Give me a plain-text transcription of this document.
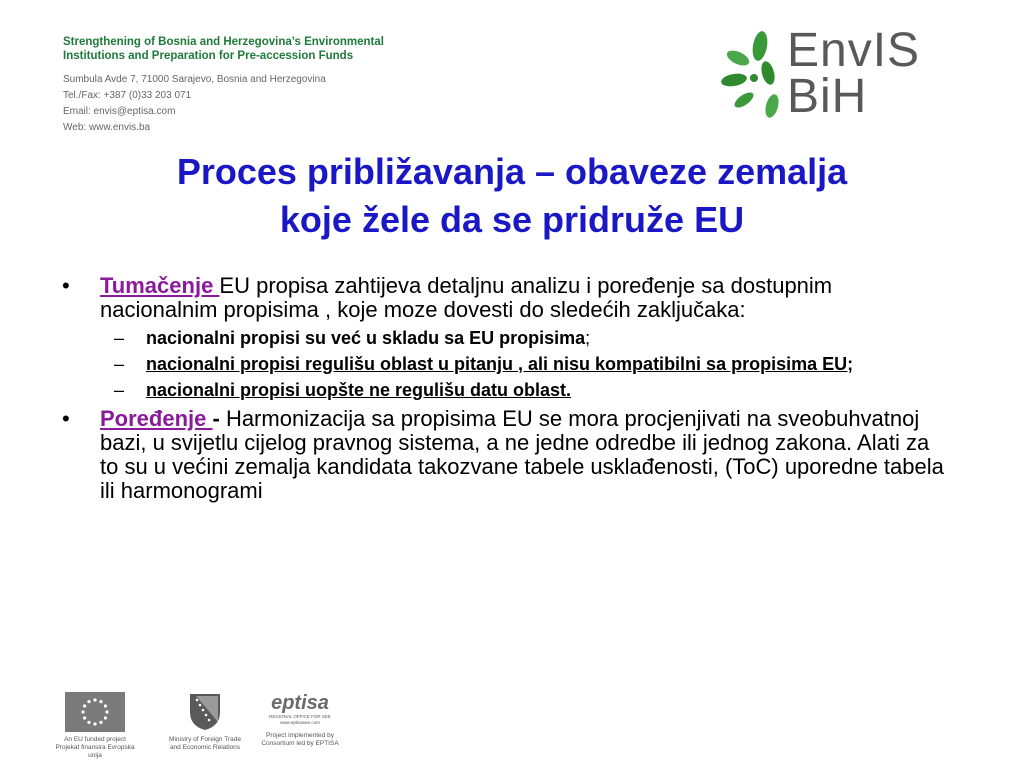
Strengthening of Bosnia and Herzegovina’s Environmental
Institutions and Preparation for Pre-accession Funds
Sumbula Avde 7, 71000 Sarajevo, Bosnia and Herzegovina
Tel./Fax: +387 (0)33 203 071
Email: envis@eptisa.com
Web: www.envis.ba
EnvIS
BiH
Proces približavanja – obaveze zemalja
koje žele da se pridruže EU
• Tumačenje EU propisa zahtijeva detaljnu analizu i poređenje sa dostupnim nacionalnim propisima , koje moze dovesti do sledećih zaključaka:
– nacionalni propisi su već u skladu sa EU propisima;
– nacionalni propisi regulišu oblast u pitanju , ali nisu kompatibilni sa propisima EU;
– nacionalni propisi uopšte ne regulišu datu oblast.
• Poređenje - Harmonizacija sa propisima EU se mora procjenjivati na sveobuhvatnoj bazi, u svijetlu cijelog pravnog sistema, a ne jedne odredbe ili jednog zakona. Alati za to su u većini zemalja kandidata takozvane tabele usklađenosti, (ToC) uporedne tabela ili harmonogrami
An EU funded project
Projekat finansira Evropska unija
Ministry of Foreign Trade
and Economic Relations
eptisa
REGIONAL OFFICE FOR SEE
www.eptisasee.com
Project implemented by
Consortium led by EPTISA
